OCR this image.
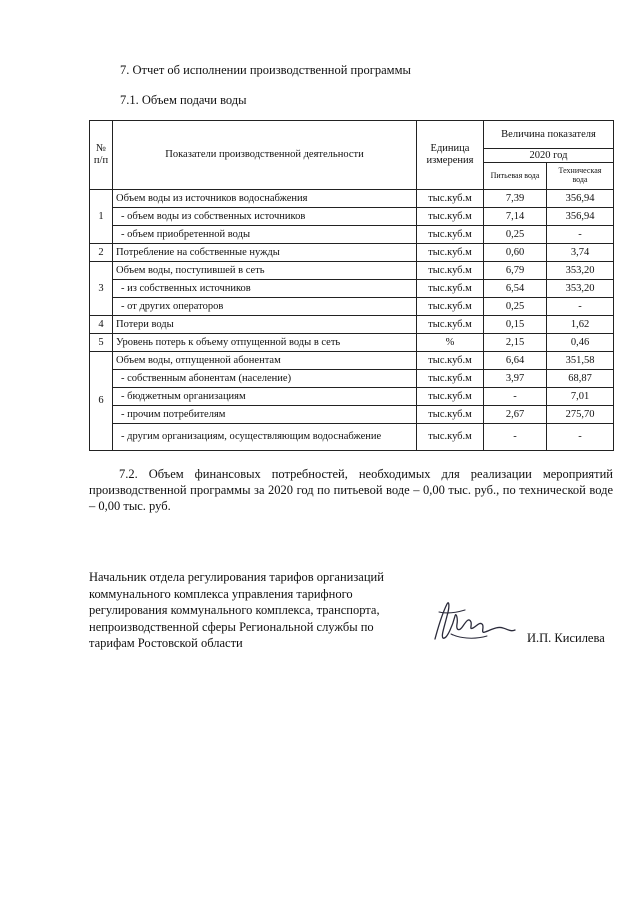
7. Отчет об исполнении производственной программы
7.1. Объем подачи воды
№ п/п	Показатели производственной деятельности	Единица измерения	Величина показателя	
			2020 год	
			Питьевая вода	Техническая вода
1	Объем воды из источников водоснабжения	тыс.куб.м	7,39	356,94
	- объем воды из собственных источников	тыс.куб.м	7,14	356,94
	- объем приобретенной воды	тыс.куб.м	0,25	-
2	Потребление на собственные нужды	тыс.куб.м	0,60	3,74
3	Объем воды, поступившей в сеть	тыс.куб.м	6,79	353,20
	- из собственных источников	тыс.куб.м	6,54	353,20
	- от других операторов	тыс.куб.м	0,25	-
4	Потери воды	тыс.куб.м	0,15	1,62
5	Уровень потерь к объему отпущенной воды в сеть	%	2,15	0,46
6	Объем воды, отпущенной абонентам	тыс.куб.м	6,64	351,58
	- собственным абонентам (население)	тыс.куб.м	3,97	68,87
	- бюджетным организациям	тыс.куб.м	-	7,01
	- прочим потребителям	тыс.куб.м	2,67	275,70
	- другим организациям, осуществляющим водоснабжение	тыс.куб.м	-	-
7.2. Объем финансовых потребностей, необходимых для реализации мероприятий производственной программы за 2020 год по питьевой воде – 0,00 тыс. руб., по технической воде – 0,00 тыс. руб.
Начальник отдела регулирования тарифов организаций коммунального комплекса управления тарифного регулирования коммунального комплекса, транспорта, непроизводственной сферы Региональной службы по тарифам Ростовской области	И.П. Кисилева
